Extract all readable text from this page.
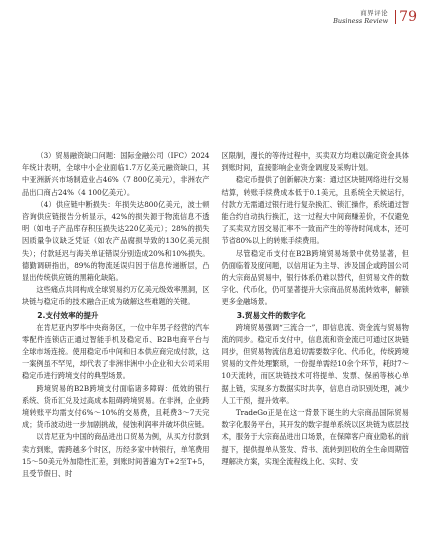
商界评论
Business Review 79

（3）贸易融资缺口问题：国际金融公司（IFC）2024年统计表明，全球中小企业面临1.7万亿美元融资缺口，其中亚洲新兴市场制造业占46%（7 800亿美元），非洲农产品出口商占24%（4 100亿美元）。

（4）供应链中断损失：年损失达800亿美元，波士顿咨询供应链报告分析显示，42%的损失源于物流信息不透明（如电子产品库存积压损失达220亿美元）；28%的损失因质量争议缺乏凭证（如农产品腐损导致的130亿美元损失）；付款延迟与海关单证错误分别造成20%和10%损失。德勤调研指出，89%的物流延误归因于信息传递断层，凸显出传统供应链的黑箱化缺陷。

这些痛点共同构成全球贸易约万亿美元级效率黑洞，区块链与稳定币的技术融合正成为破解这些难题的关键。

2.支付效率的提升

在肯尼亚内罗毕中央商务区，一位中年男子经营的汽车零配件连锁店正通过智能手机及稳定币、B2B电商平台与全球市场连接。使用稳定币中间和日本供应商完成付款，这一案例虽不罕见，却代表了非洲非洲中小企业和大公司采用稳定币进行跨境支付的典型场景。

跨境贸易的B2B跨境支付面临诸多障碍：低效的银行系统、货币汇兑及过高成本阻碍跨境贸易。在非洲，企业跨境转账平均需支付6%～10%的交易费，且耗费3～7天完成；货币波动进一步加剧挑战，侵蚀利润率并破坏供应链。

以肯尼亚为中国的商品进出口贸易为例，从买方付款到卖方到账，需跨越多个时区，历经多家中转银行，单笔费用15～50美元外加隐性汇差，到账时间普遍为T+2至T+5，且受节假日、时

区限制，漫长的等待过程中，买卖双方均难以确定资金具体到账时间，直接影响企业资金调度及采购计划。

稳定币提供了创新解决方案：通过区块链网络进行交易结算，转账手续费成本低于0.1美元，且系统全天候运行，付款方无需通过银行进行复杂换汇、锁汇操作，系统通过智能合约自动执行换汇，这一过程大中间商赚差价，不仅避免了买卖双方因交易汇率不一致而产生的等待时间成本，还可节省80%以上的转账手续费用。

尽管稳定币支付在B2B跨境贸易场景中优势显著，但仍面临着及度问题，以信用证为主导、涉及国企或跨国公司的大宗商品贸易中，银行体系仍难以替代，但贸易文件的数字化、代币化，仍可显著提升大宗商品贸易流转效率，解锁更多金融场景。

3.贸易文件的数字化

跨境贸易强调“三流合一”，即信息流、资金流与贸易物流的同步。稳定币支付中，信息流和资金流已可通过区块链同步，但贸易物流信息追切需要数字化、代币化，传统跨境贸易的文件处理繁琐，一份提单需经10余个环节，耗时7～10天流转，而区块链技术可将提单、发票、保函等核心单据上链，实现多方数据实时共享，信息自动识别处理，减少人工干预，提升效率。

TradeGo正是在这一背景下诞生的大宗商品国际贸易数字化服务平台，其开发的数字提单系统以区块链为底层技术，服务于大宗商品进出口场景，在保障客户商业隐私的前提下，提供提单从签发、背书、流转到回收的全生命周期管理解决方案，实现全流程线上化、实时、安
